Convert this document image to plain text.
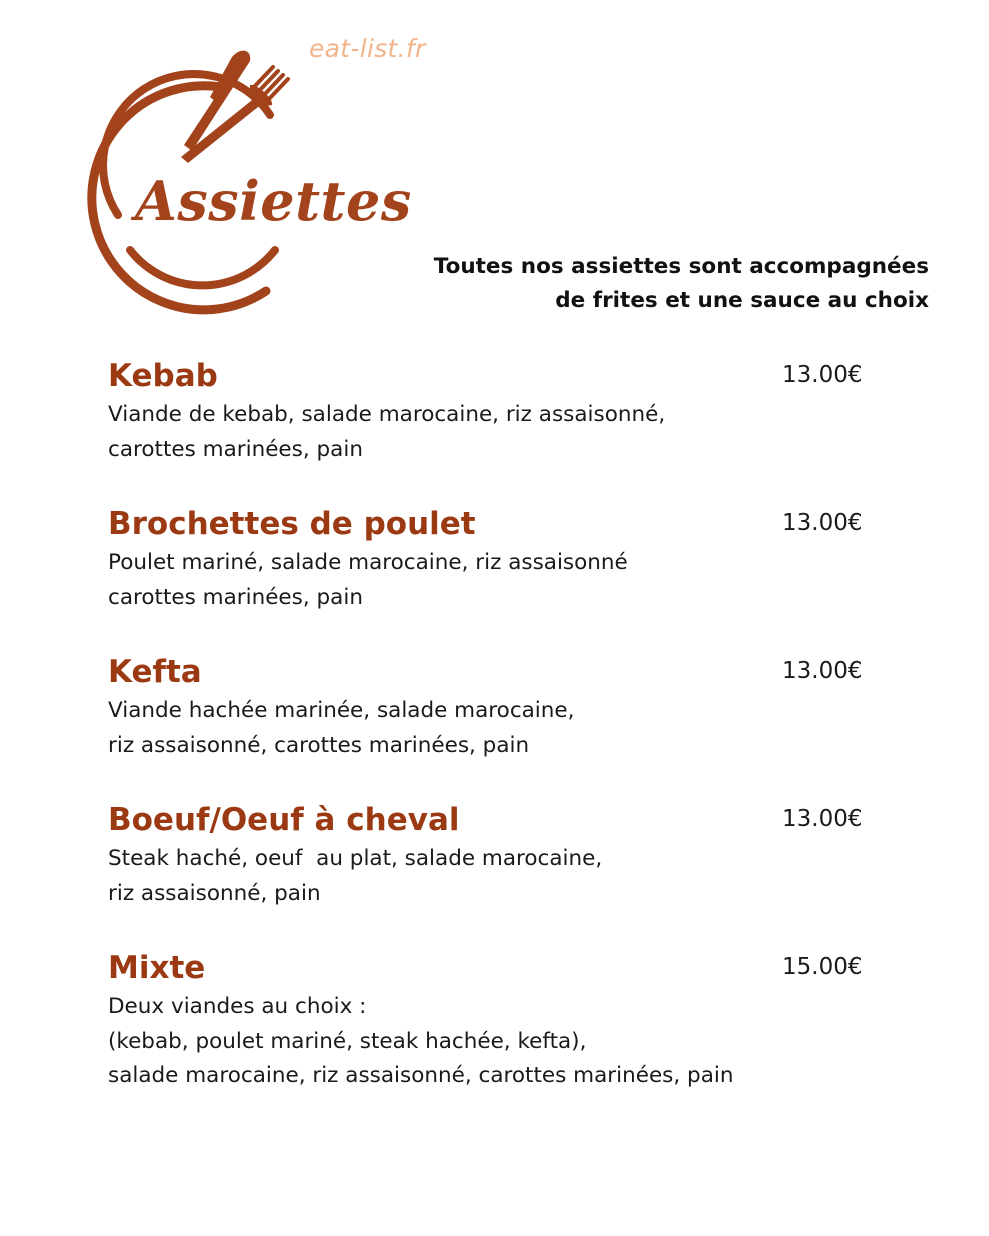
eat-list.fr
Assiettes
Toutes nos assiettes sont accompagnées
de frites et une sauce au choix
Kebab	13.00€
Viande de kebab, salade marocaine, riz assaisonné,
carottes marinées, pain
Brochettes de poulet	13.00€
Poulet mariné, salade marocaine, riz assaisonné
carottes marinées, pain
Kefta	13.00€
Viande hachée marinée, salade marocaine,
riz assaisonné, carottes marinées, pain
Boeuf/Oeuf à cheval	13.00€
Steak haché, oeuf  au plat, salade marocaine,
riz assaisonné, pain
Mixte	15.00€
Deux viandes au choix :
(kebab, poulet mariné, steak hachée, kefta),
salade marocaine, riz assaisonné, carottes marinées, pain
